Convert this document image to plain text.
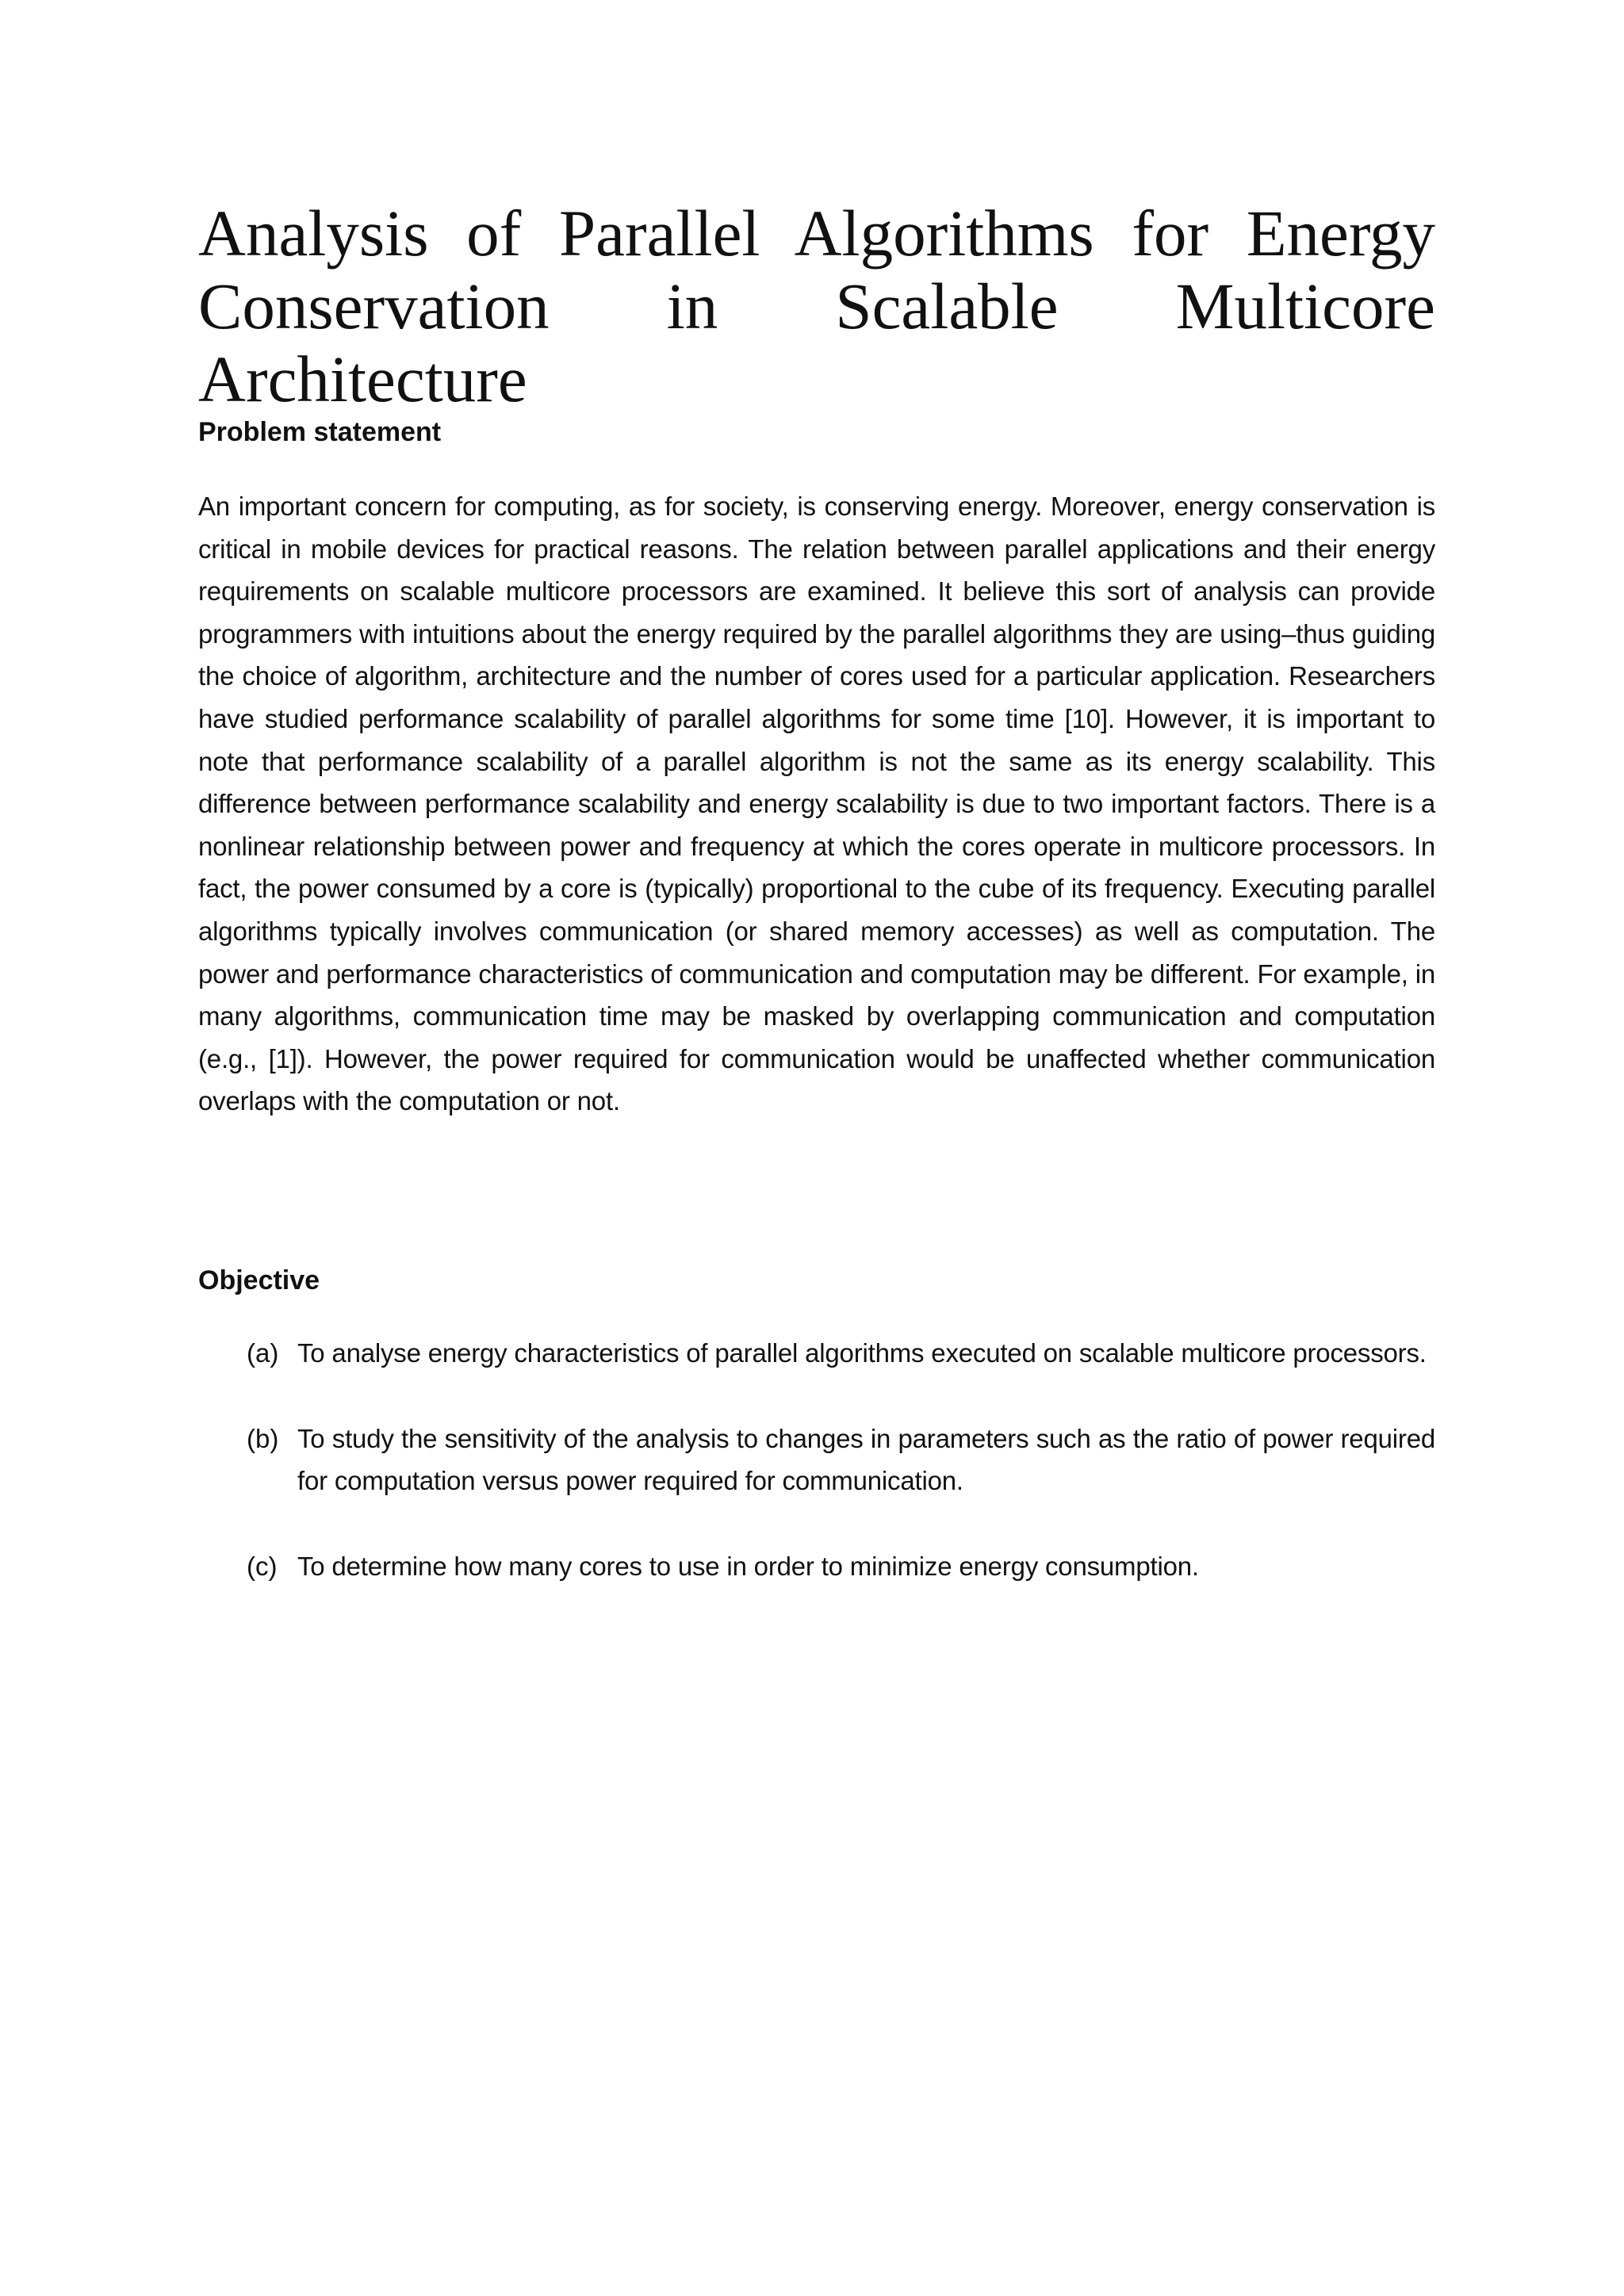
Analysis of Parallel Algorithms for Energy
Conservation in Scalable Multicore Architecture
Problem statement

An important concern for computing, as for society, is conserving energy. Moreover, energy conservation is critical in mobile devices for practical reasons. The relation between parallel applications and their energy requirements on scalable multicore processors are examined. It believe this sort of analysis can provide programmers with intuitions about the energy required by the parallel algorithms they are using–thus guiding the choice of algorithm, architecture and the number of cores used for a particular application. Researchers have studied performance scalability of parallel algorithms for some time [10]. However, it is important to note that performance scalability of a parallel algorithm is not the same as its energy scalability. This difference between performance scalability and energy scalability is due to two important factors. There is a nonlinear relationship between power and frequency at which the cores operate in multicore processors. In fact, the power consumed by a core is (typically) proportional to the cube of its frequency. Executing parallel algorithms typically involves communication (or shared memory accesses) as well as computation. The power and performance characteristics of communication and computation may be different. For example, in many algorithms, communication time may be masked by overlapping communication and computation (e.g., [1]). However, the power required for communication would be unaffected whether communication overlaps with the computation or not.

Objective
(a) To analyse energy characteristics of parallel algorithms executed on scalable multicore processors.
(b) To study the sensitivity of the analysis to changes in parameters such as the ratio of power required for computation versus power required for communication.
(c) To determine how many cores to use in order to minimize energy consumption.
